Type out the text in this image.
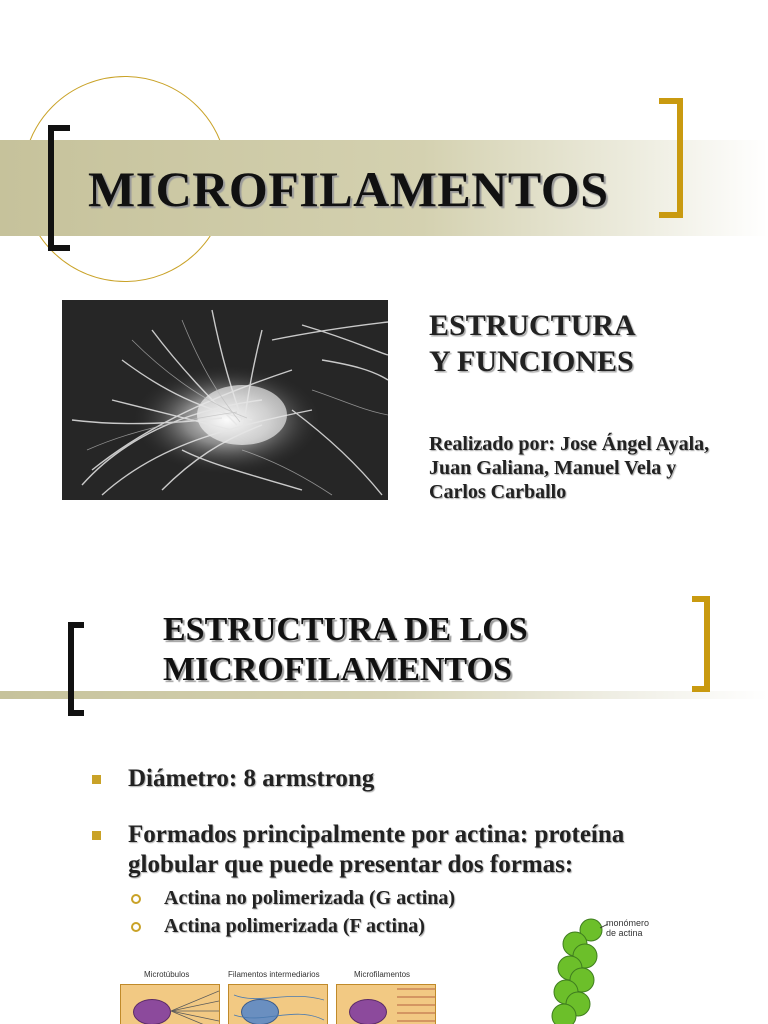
MICROFILAMENTOS

ESTRUCTURA
Y FUNCIONES

Realizado por: Jose Ángel Ayala, Juan Galiana, Manuel Vela y Carlos Carballo

ESTRUCTURA DE LOS
MICROFILAMENTOS

Diámetro: 8 armstrong
Formados principalmente por actina: proteína globular que puede presentar dos formas:
Actina no polimerizada (G actina)
Actina polimerizada (F actina)
Microtúbulos	Filamentos intermediarios	Microfilamentos
monómero
de actina
